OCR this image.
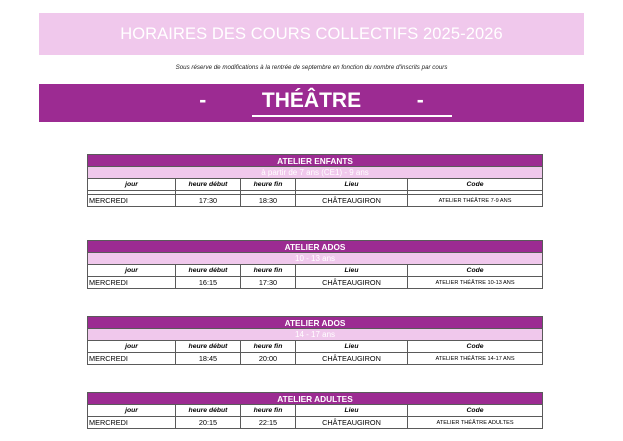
HORAIRES DES COURS COLLECTIFS 2025-2026
Sous réserve de modifications à la rentrée de septembre en fonction du nombre d'inscrits par cours
-	THÉÂTRE	-
ATELIER ENFANTS				
à partir de 7 ans (CE1) - 9 ans				
jour	heure début	heure fin	Lieu	Code

MERCREDI	17:30	18:30	CHÂTEAUGIRON	ATELIER THÉÂTRE 7-9 ANS
ATELIER ADOS				
10 - 13 ans				
jour	heure début	heure fin	Lieu	Code
MERCREDI	16:15	17:30	CHÂTEAUGIRON	ATELIER THÉÂTRE 10-13 ANS
ATELIER ADOS				
14 - 17 ans				
jour	heure début	heure fin	Lieu	Code
MERCREDI	18:45	20:00	CHÂTEAUGIRON	ATELIER THÉÂTRE 14-17 ANS
ATELIER ADULTES				
jour	heure début	heure fin	Lieu	Code
MERCREDI	20:15	22:15	CHÂTEAUGIRON	ATELIER THÉÂTRE ADULTES
